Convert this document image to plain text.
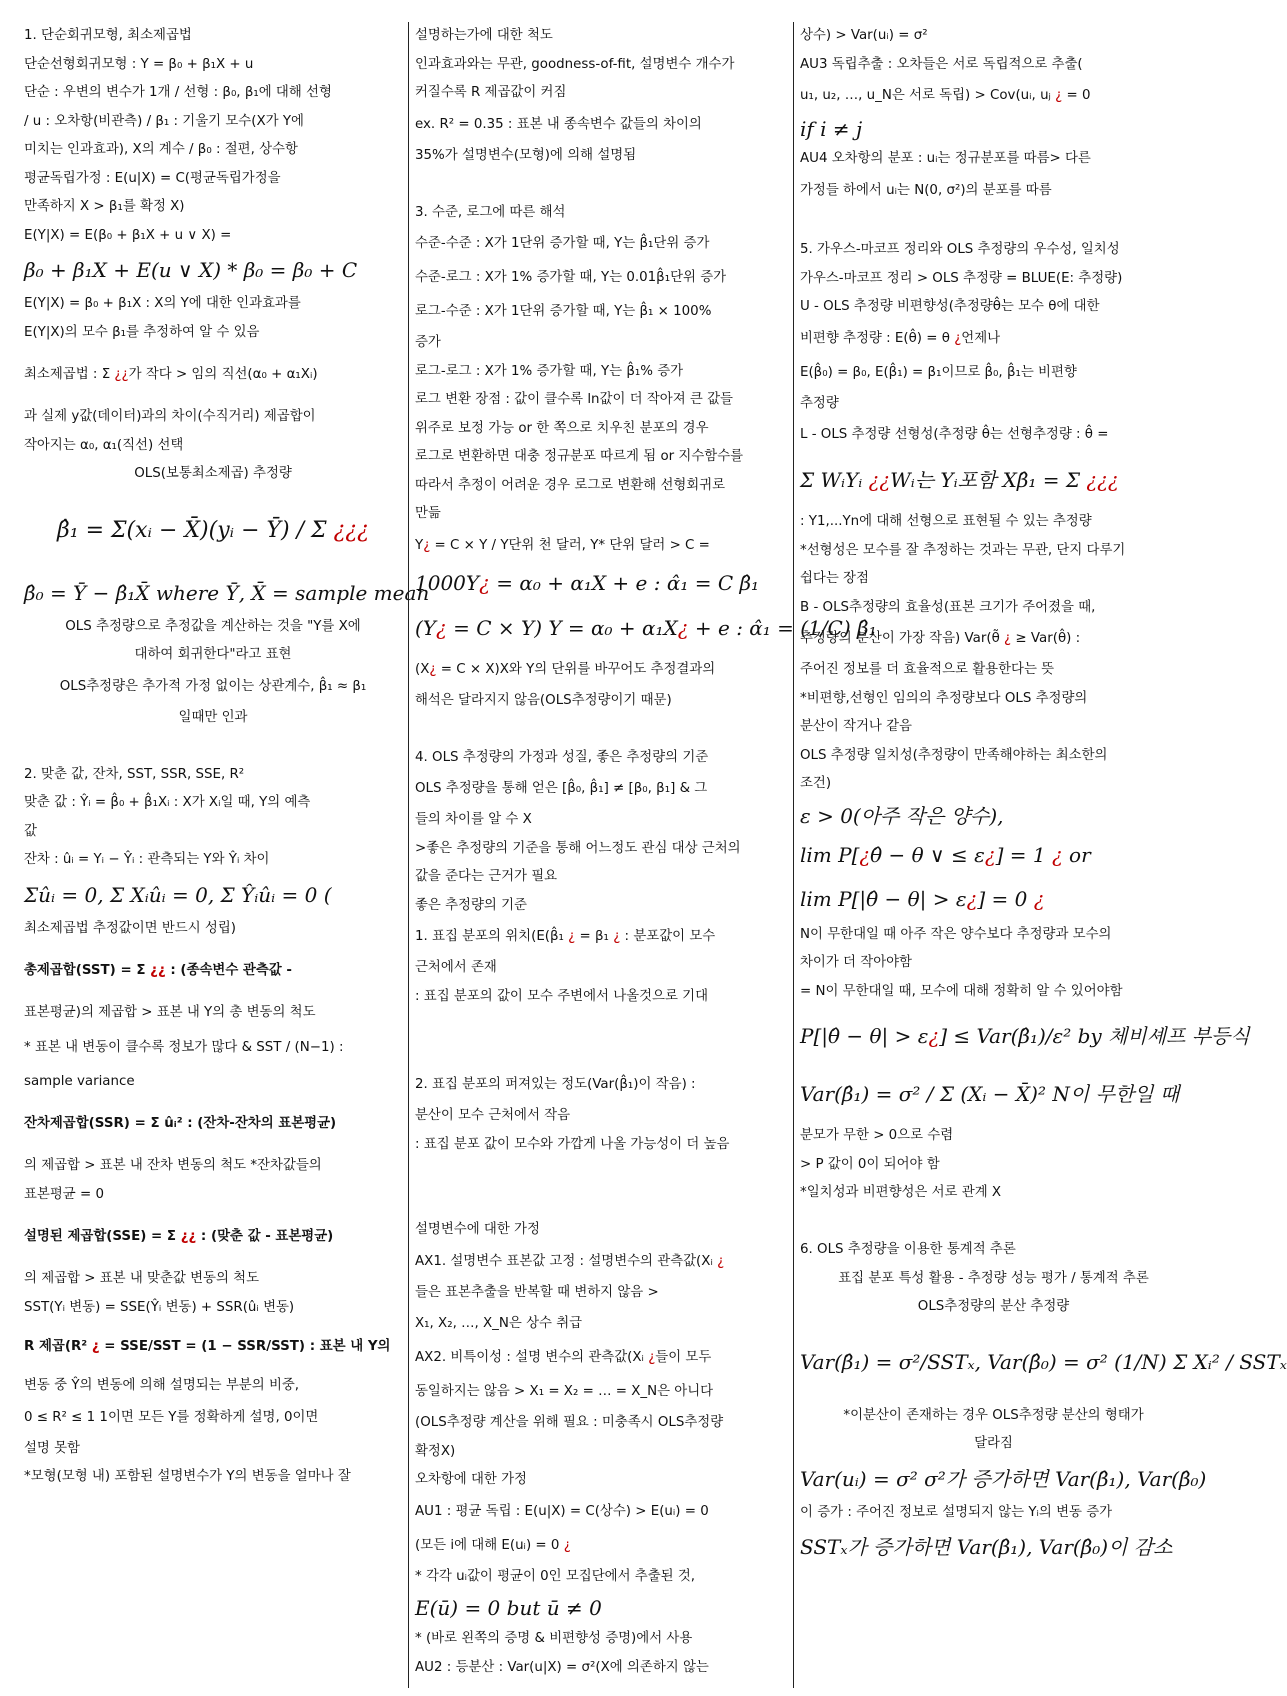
1. 단순회귀모형, 최소제곱법
단순선형회귀모형 : Y = β₀ + β₁X + u
단순 : 우변의 변수가 1개 / 선형 : β₀, β₁에 대해 선형
/ u : 오차항(비관측) / β₁ : 기울기 모수(X가 Y에
미치는 인과효과), X의 계수 / β₀ : 절편, 상수항
평균독립가정 : E(u|X) = C(평균독립가정을
만족하지 X > β₁를 확정 X)
E(Y|X) = E(β₀ + β₁X + u ∨ X) =
β₀ + β₁X + E(u ∨ X) * β₀ = β₀ + C
E(Y|X) = β₀ + β₁X : X의 Y에 대한 인과효과를
E(Y|X)의 모수 β₁를 추정하여 알 수 있음
최소제곱법 : Σ ¿¿가 작다 > 임의 직선(α₀ + α₁Xᵢ)
과 실제 y값(데이터)과의 차이(수직거리) 제곱합이
작아지는 α₀, α₁(직선) 선택
OLS(보통최소제곱) 추정량
β̂₁ = Σ(xᵢ − X̄)(yᵢ − Ȳ) / Σ ¿¿¿
β̂₀ = Ȳ − β̂₁X̄ where Ȳ, X̄ = sample mean
OLS 추정량으로 추정값을 계산하는 것을 "Y를 X에
대하여 회귀한다"라고 표현
OLS추정량은 추가적 가정 없이는 상관계수, β̂₁ ≈ β₁
일때만 인과
2. 맞춘 값, 잔차, SST, SSR, SSE, R²
맞춘 값 : Ŷᵢ = β̂₀ + β̂₁Xᵢ : X가 Xᵢ일 때, Y의 예측
값
잔차 : ûᵢ = Yᵢ − Ŷᵢ : 관측되는 Y와 Ŷᵢ 차이
Σûᵢ = 0, Σ Xᵢûᵢ = 0, Σ Ŷᵢûᵢ = 0 (
최소제곱법 추정값이면 반드시 성립)
총제곱합(SST) = Σ ¿¿ : (종속변수 관측값 -
표본평균)의 제곱합 > 표본 내 Y의 총 변동의 척도
* 표본 내 변동이 클수록 정보가 많다 & SST / (N−1) :
sample variance
잔차제곱합(SSR) = Σ ûᵢ² : (잔차-잔차의 표본평균)
의 제곱합 > 표본 내 잔차 변동의 척도 *잔차값들의
표본평균 = 0
설명된 제곱합(SSE) = Σ ¿¿ : (맞춘 값 - 표본평균)
의 제곱합 > 표본 내 맞춘값 변동의 척도
SST(Yᵢ 변동) = SSE(Ŷᵢ 변동) + SSR(ûᵢ 변동)
R 제곱(R² ¿ = SSE/SST = (1 − SSR/SST) : 표본 내 Y의
변동 중 Ŷ의 변동에 의해 설명되는 부분의 비중,
0 ≤ R² ≤ 1 1이면 모든 Y를 정확하게 설명, 0이면
설명 못함
*모형(모형 내) 포함된 설명변수가 Y의 변동을 얼마나 잘
설명하는가에 대한 척도
인과효과와는 무관, goodness-of-fit, 설명변수 개수가
커질수록 R 제곱값이 커짐
ex. R² = 0.35 : 표본 내 종속변수 값들의 차이의
35%가 설명변수(모형)에 의해 설명됨
3. 수준, 로그에 따른 해석
수준-수준 : X가 1단위 증가할 때, Y는 β̂₁단위 증가
수준-로그 : X가 1% 증가할 때, Y는 0.01β̂₁단위 증가
로그-수준 : X가 1단위 증가할 때, Y는 β̂₁ × 100%
증가
로그-로그 : X가 1% 증가할 때, Y는 β̂₁% 증가
로그 변환 장점 : 값이 클수록 ln값이 더 작아져 큰 값들
위주로 보정 가능 or 한 쪽으로 치우친 분포의 경우
로그로 변환하면 대충 정규분포 따르게 됨 or 지수함수를
따라서 추정이 어려운 경우 로그로 변환해 선형회귀로
만듦
Y¿ = C × Y / Y단위 천 달러, Y* 단위 달러 > C =
1000Y¿ = α₀ + α₁X + e : α̂₁ = C β̂₁
(Y¿ = C × Y) Y = α₀ + α₁X¿ + e : α̂₁ = (1/C) β̂₁
(X¿ = C × X)X와 Y의 단위를 바꾸어도 추정결과의
해석은 달라지지 않음(OLS추정량이기 때문)
4. OLS 추정량의 가정과 성질, 좋은 추정량의 기준
OLS 추정량을 통해 얻은 [β̂₀, β̂₁] ≠ [β₀, β₁] & 그
들의 차이를 알 수 X
>좋은 추정량의 기준을 통해 어느정도 관심 대상 근처의
값을 준다는 근거가 필요
좋은 추정량의 기준
1. 표집 분포의 위치(E(β̂₁ ¿ = β₁ ¿ : 분포값이 모수
근처에서 존재
: 표집 분포의 값이 모수 주변에서 나올것으로 기대
2. 표집 분포의 퍼져있는 정도(Var(β̂₁)이 작음) :
분산이 모수 근처에서 작음
: 표집 분포 값이 모수와 가깝게 나올 가능성이 더 높음
설명변수에 대한 가정
AX1. 설명변수 표본값 고정 : 설명변수의 관측값(Xᵢ ¿
들은 표본추출을 반복할 때 변하지 않음 >
X₁, X₂, …, X_N은 상수 취급
AX2. 비특이성 : 설명 변수의 관측값(Xᵢ ¿들이 모두
동일하지는 않음 > X₁ = X₂ = … = X_N은 아니다
(OLS추정량 계산을 위해 필요 : 미충족시 OLS추정량
확정X)
오차항에 대한 가정
AU1 : 평균 독립 : E(u|X) = C(상수) > E(uᵢ) = 0
(모든 i에 대해 E(uᵢ) = 0 ¿
* 각각 uᵢ값이 평균이 0인 모집단에서 추출된 것,
E(ū) = 0 but ū ≠ 0
* (바로 왼쪽의 증명 & 비편향성 증명)에서 사용
AU2 : 등분산 : Var(u|X) = σ²(X에 의존하지 않는
상수) > Var(uᵢ) = σ²
AU3 독립추출 : 오차들은 서로 독립적으로 추출(
u₁, u₂, …, u_N은 서로 독립) > Cov(uᵢ, uⱼ ¿ = 0
if i ≠ j
AU4 오차항의 분포 : uᵢ는 정규분포를 따름> 다른
가정들 하에서 uᵢ는 N(0, σ²)의 분포를 따름
5. 가우스-마코프 정리와 OLS 추정량의 우수성, 일치성
가우스-마코프 정리 > OLS 추정량 = BLUE(E: 추정량)
U - OLS 추정량 비편향성(추정량θ̂는 모수 θ에 대한
비편향 추정량 : E(θ̂) = θ ¿언제나
E(β̂₀) = β₀, E(β̂₁) = β₁이므로 β̂₀, β̂₁는 비편향
추정량
L - OLS 추정량 선형성(추정량 θ̂는 선형추정량 : θ̂ =
Σ WᵢYᵢ ¿¿Wᵢ는 Yᵢ포함 Xβ̂₁ = Σ ¿¿¿
: Y1,...Yn에 대해 선형으로 표현될 수 있는 추정량
*선형성은 모수를 잘 추정하는 것과는 무관, 단지 다루기
쉽다는 장점
B - OLS추정량의 효율성(표본 크기가 주어졌을 때,
추정량의 분산이 가장 작음) Var(θ̃ ¿ ≥ Var(θ̂) :
주어진 정보를 더 효율적으로 활용한다는 뜻
*비편향,선형인 임의의 추정량보다 OLS 추정량의
분산이 작거나 같음
OLS 추정량 일치성(추정량이 만족해야하는 최소한의
조건)
ε > 0(아주 작은 양수),
lim P[¿θ̂ − θ ∨ ≤ ε¿] = 1 ¿ or
lim P[|θ̂ − θ| > ε¿] = 0 ¿
N이 무한대일 때 아주 작은 양수보다 추정량과 모수의
차이가 더 작아야함
= N이 무한대일 때, 모수에 대해 정확히 알 수 있어야함
P[|θ̂ − θ| > ε¿] ≤ Var(β̂₁)/ε² by 체비셰프 부등식
Var(β̂₁) = σ² / Σ (Xᵢ − X̄)² N이 무한일 때
분모가 무한 > 0으로 수렴
> P 값이 0이 되어야 함
*일치성과 비편향성은 서로 관계 X
6. OLS 추정량을 이용한 통계적 추론
표집 분포 특성 활용 - 추정량 성능 평가 / 통계적 추론
OLS추정량의 분산 추정량
Var(β̂₁) = σ²/SSTₓ, Var(β̂₀) = σ² (1/N) Σ Xᵢ² / SSTₓ
*이분산이 존재하는 경우 OLS추정량 분산의 형태가
달라짐
Var(uᵢ) = σ² σ²가 증가하면 Var(β̂₁), Var(β̂₀)
이 증가 : 주어진 정보로 설명되지 않는 Yᵢ의 변동 증가
SSTₓ가 증가하면 Var(β̂₁), Var(β̂₀)이 감소
